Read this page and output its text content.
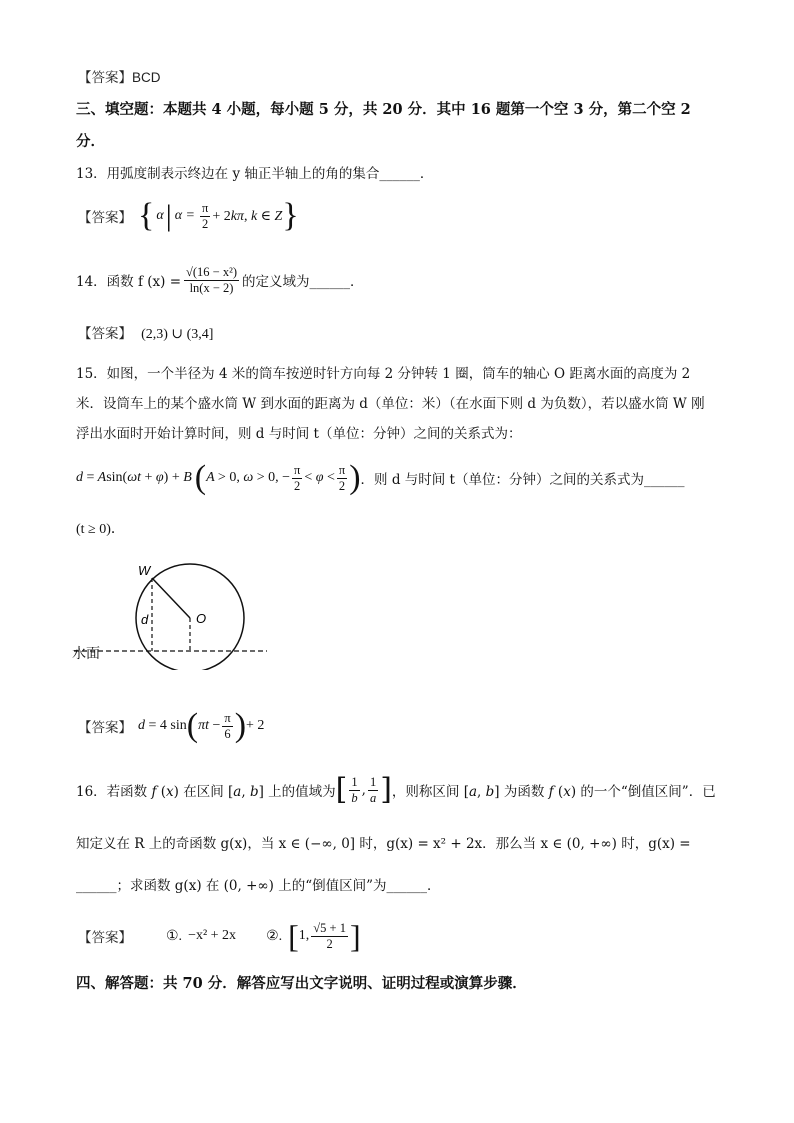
【答案】BCD
三、填空题：本题共 4 小题，每小题 5 分，共 20 分．其中 16 题第一个空 3 分，第二个空 2
分．
13．用弧度制表示终边在 y 轴正半轴上的角的集合______．
【答案】 { α | $\alpha = \frac{\pi}{2} + 2k\pi$, k ∈ Z }
14．函数 f $(x) = \frac{\text{√(16 − x²)}}{\ln(x - 2)}$ 的定义域为______．
【答案】 (2,3) ∪ (3,4]
15．如图，一个半径为 4 米的筒车按逆时针方向每 2 分钟转 1 圈，筒车的轴心 O 距离水面的高度为 2
米．设筒车上的某个盛水筒 W 到水面的距离为 d（单位：米）（在水面下则 d 为负数），若以盛水筒 W 刚
浮出水面时开始计算时间，则 d 与时间 t（单位：分钟）之间的关系式为：
d = Asin(ωt + φ) + B ( A > 0, ω > 0, − $\frac{\pi}{2} < \varphi < \frac{\pi}{2}$ ) ．则 d 与时间 t（单位：分钟）之间的关系式为______
(t ≥ 0)．
W
O
d
水面
【答案】 d = 4 sin ( $\pi t - \frac{\pi}{6}$ ) + 2
16．若函数 f (x) 在区间 [a, b] 上的值域为 [ $\frac{1}{b}$ , $\frac{1}{a}$ ] ，则称区间 [a, b] 为函数 f (x) 的一个“倒值区间”．已
知定义在 R 上的奇函数 g(x)，当 x ∈ (−∞, 0] 时，g(x) = x² + 2x．那么当 x ∈ (0, +∞) 时，g(x) =
______；求函数 g(x) 在 (0, +∞) 上的“倒值区间”为______．
【答案】 ①. −x² + 2x ②. [ 1, $\frac{√5 + 1}{2}$ ]
四、解答题：共 70 分．解答应写出文字说明、证明过程或演算步骤．
